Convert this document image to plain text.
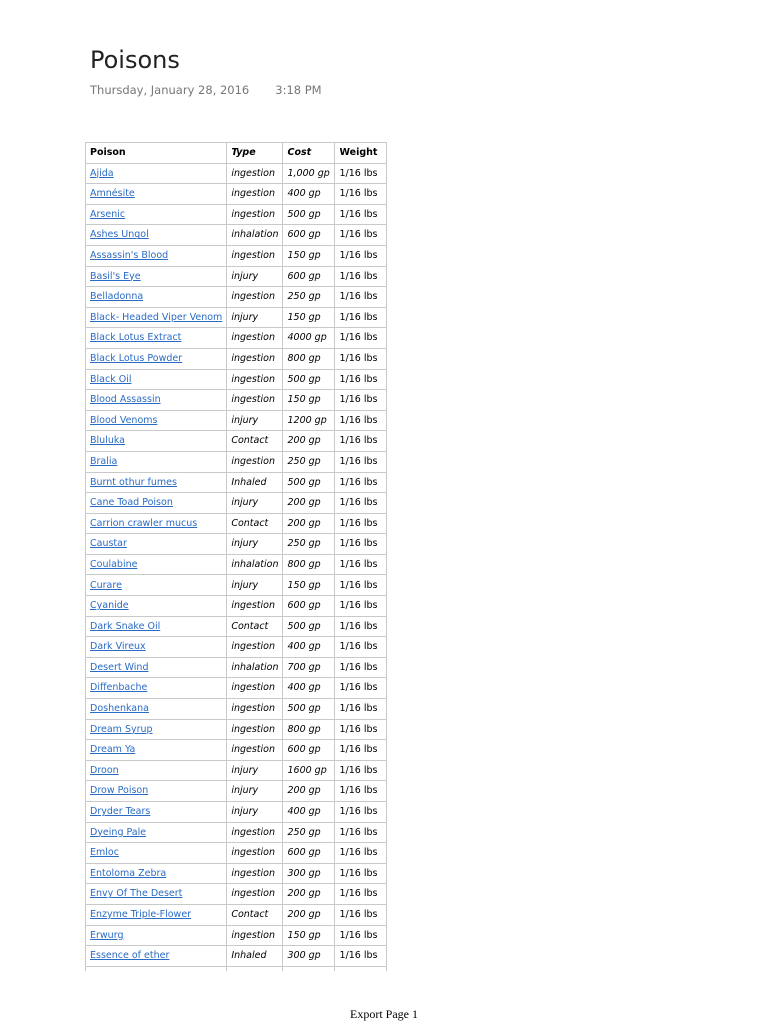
Poisons
Thursday, January 28, 2016 3:18 PM
Poison	Type	Cost	Weight
Ajida	ingestion	1,000 gp	1/16 lbs
Amnésite	ingestion	400 gp	1/16 lbs
Arsenic	ingestion	500 gp	1/16 lbs
Ashes Ungol	inhalation	600 gp	1/16 lbs
Assassin's Blood	ingestion	150 gp	1/16 lbs
Basil's Eye	injury	600 gp	1/16 lbs
Belladonna	ingestion	250 gp	1/16 lbs
Black- Headed Viper Venom	injury	150 gp	1/16 lbs
Black Lotus Extract	ingestion	4000 gp	1/16 lbs
Black Lotus Powder	ingestion	800 gp	1/16 lbs
Black Oil	ingestion	500 gp	1/16 lbs
Blood Assassin	ingestion	150 gp	1/16 lbs
Blood Venoms	injury	1200 gp	1/16 lbs
Bluluka	Contact	200 gp	1/16 lbs
Bralia	ingestion	250 gp	1/16 lbs
Burnt othur fumes	Inhaled	500 gp	1/16 lbs
Cane Toad Poison	injury	200 gp	1/16 lbs
Carrion crawler mucus	Contact	200 gp	1/16 lbs
Caustar	injury	250 gp	1/16 lbs
Coulabine	inhalation	800 gp	1/16 lbs
Curare	injury	150 gp	1/16 lbs
Cyanide	ingestion	600 gp	1/16 lbs
Dark Snake Oil	Contact	500 gp	1/16 lbs
Dark Vireux	ingestion	400 gp	1/16 lbs
Desert Wind	inhalation	700 gp	1/16 lbs
Diffenbache	ingestion	400 gp	1/16 lbs
Doshenkana	ingestion	500 gp	1/16 lbs
Dream Syrup	ingestion	800 gp	1/16 lbs
Dream Ya	ingestion	600 gp	1/16 lbs
Droon	injury	1600 gp	1/16 lbs
Drow Poison	injury	200 gp	1/16 lbs
Dryder Tears	injury	400 gp	1/16 lbs
Dyeing Pale	ingestion	250 gp	1/16 lbs
Emloc	ingestion	600 gp	1/16 lbs
Entoloma Zebra	ingestion	300 gp	1/16 lbs
Envy Of The Desert	ingestion	200 gp	1/16 lbs
Enzyme Triple-Flower	Contact	200 gp	1/16 lbs
Erwurg	ingestion	150 gp	1/16 lbs
Essence of ether	Inhaled	300 gp	1/16 lbs

Export Page 1
